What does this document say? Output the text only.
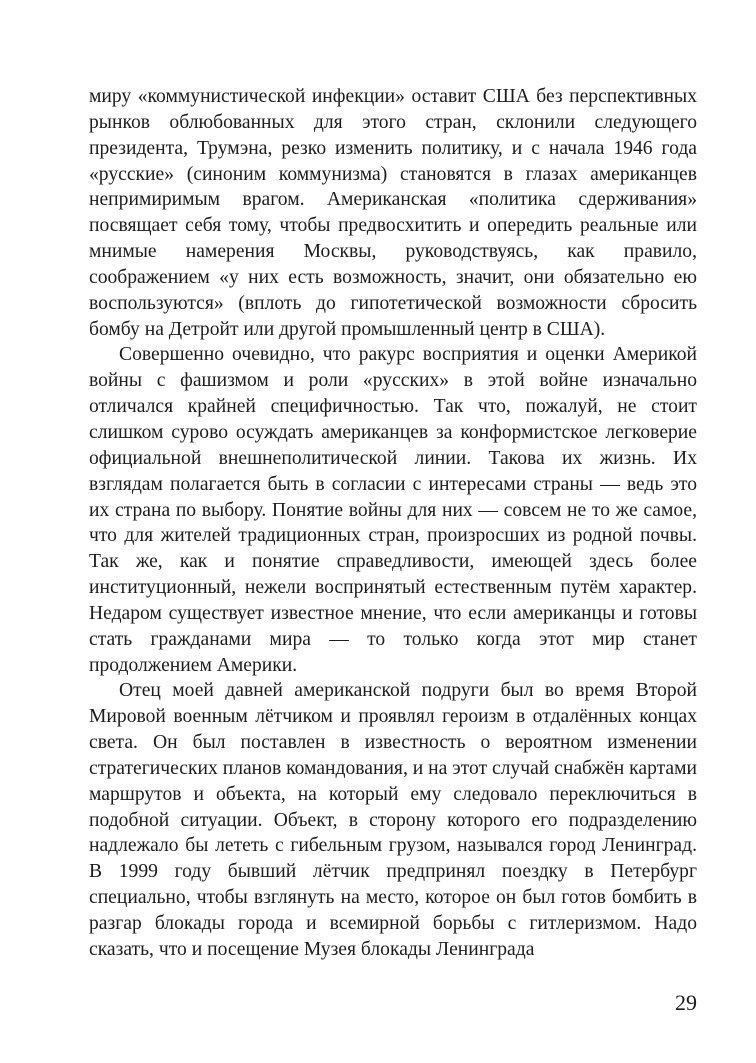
миру «коммунистической инфекции» оставит США без перспективных рынков облюбованных для этого стран, склонили следующего президента, Трумэна, резко изменить политику, и с начала 1946 года «русские» (синоним коммунизма) становятся в глазах американцев непримиримым врагом. Американская «политика сдерживания» посвящает себя тому, чтобы предвосхитить и опередить реальные или мнимые намерения Москвы, руководствуясь, как правило, соображением «у них есть возможность, значит, они обязательно ею воспользуются» (вплоть до гипотетической возможности сбросить бомбу на Детройт или другой промышленный центр в США).

Совершенно очевидно, что ракурс восприятия и оценки Америкой войны с фашизмом и роли «русских» в этой войне изначально отличался крайней специфичностью. Так что, пожалуй, не стоит слишком сурово осуждать американцев за конформистское легковерие официальной внешнеполитической линии. Такова их жизнь. Их взглядам полагается быть в согласии с интересами страны — ведь это их страна по выбору. Понятие войны для них — совсем не то же самое, что для жителей традиционных стран, произросших из родной почвы. Так же, как и понятие справедливости, имеющей здесь более институционный, нежели воспринятый естественным путём характер. Недаром существует известное мнение, что если американцы и готовы стать гражданами мира — то только когда этот мир станет продолжением Америки.

Отец моей давней американской подруги был во время Второй Мировой военным лётчиком и проявлял героизм в отдалённых концах света. Он был поставлен в известность о вероятном изменении стратегических планов командования, и на этот случай снабжён картами маршрутов и объекта, на который ему следовало переключиться в подобной ситуации. Объект, в сторону которого его подразделению надлежало бы лететь с гибельным грузом, назывался город Ленинград. В 1999 году бывший лётчик предпринял поездку в Петербург специально, чтобы взглянуть на место, которое он был готов бомбить в разгар блокады города и всемирной борьбы с гитлеризмом. Надо сказать, что и посещение Музея блокады Ленинграда

29
